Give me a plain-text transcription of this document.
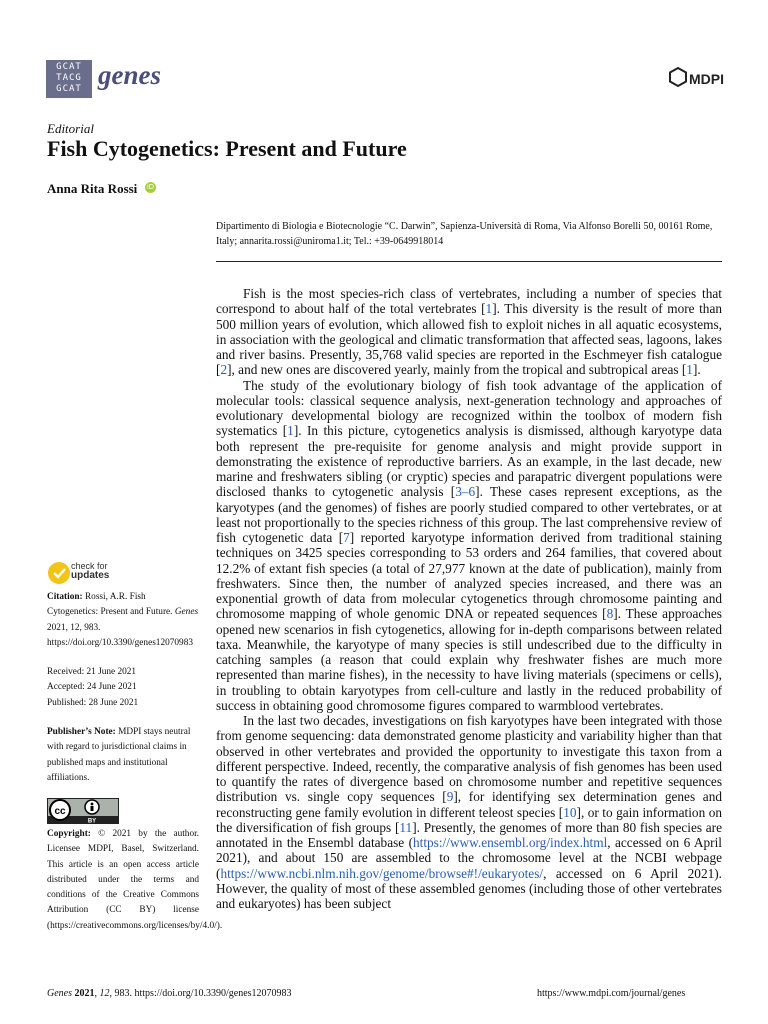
GCAT
TACG
GCAT genes	MDPI
Editorial
Fish Cytogenetics: Present and Future
Anna Rita Rossi iD
Dipartimento di Biologia e Biotecnologie “C. Darwin”, Sapienza-Università di Roma, Via Alfonso Borelli 50, 00161 Rome, Italy; annarita.rossi@uniroma1.it; Tel.: +39-0649918014

Fish is the most species-rich class of vertebrates, including a number of species that correspond to about half of the total vertebrates [1]. This diversity is the result of more than 500 million years of evolution, which allowed fish to exploit niches in all aquatic ecosystems, in association with the geological and climatic transformation that affected seas, lagoons, lakes and river basins. Presently, 35,768 valid species are reported in the Eschmeyer fish catalogue [2], and new ones are discovered yearly, mainly from the tropical and subtropical areas [1].

The study of the evolutionary biology of fish took advantage of the application of molecular tools: classical sequence analysis, next-generation technology and approaches of evolutionary developmental biology are recognized within the toolbox of modern fish systematics [1]. In this picture, cytogenetics analysis is dismissed, although karyotype data both represent the pre-requisite for genome analysis and might provide support in demonstrating the existence of reproductive barriers. As an example, in the last decade, new marine and freshwaters sibling (or cryptic) species and parapatric divergent populations were disclosed thanks to cytogenetic analysis [3–6]. These cases represent exceptions, as the karyotypes (and the genomes) of fishes are poorly studied compared to other vertebrates, or at least not proportionally to the species richness of this group. The last comprehensive review of fish cytogenetic data [7] reported karyotype information derived from traditional staining techniques on 3425 species corresponding to 53 orders and 264 families, that covered about 12.2% of extant fish species (a total of 27,977 known at the date of publication), mainly from freshwaters. Since then, the number of analyzed species increased, and there was an exponential growth of data from molecular cytogenetics through chromosome painting and chromosome mapping of whole genomic DNA or repeated sequences [8]. These approaches opened new scenarios in fish cytogenetics, allowing for in-depth comparisons between related taxa. Meanwhile, the karyotype of many species is still undescribed due to the difficulty in catching samples (a reason that could explain why freshwater fishes are much more represented than marine fishes), in the necessity to have living materials (specimens or cells), in troubling to obtain karyotypes from cell-culture and lastly in the reduced probability of success in obtaining good chromosome figures compared to warmblood vertebrates.

In the last two decades, investigations on fish karyotypes have been integrated with those from genome sequencing: data demonstrated genome plasticity and variability higher than that observed in other vertebrates and provided the opportunity to investigate this taxon from a different perspective. Indeed, recently, the comparative analysis of fish genomes has been used to quantify the rates of divergence based on chromosome number and repetitive sequences distribution vs. single copy sequences [9], for identifying sex determination genes and reconstructing gene family evolution in different teleost species [10], or to gain information on the diversification of fish groups [11]. Presently, the genomes of more than 80 fish species are annotated in the Ensembl database (https://www.ensembl.org/index.html, accessed on 6 April 2021), and about 150 are assembled to the chromosome level at the NCBI webpage (https://www.ncbi.nlm.nih.gov/genome/browse#!/eukaryotes/, accessed on 6 April 2021). However, the quality of most of these assembled genomes (including those of other vertebrates and eukaryotes) has been subject

check for
updates

Citation: Rossi, A.R. Fish Cytogenetics: Present and Future. Genes 2021, 12, 983. https://doi.org/10.3390/genes12070983

Received: 21 June 2021

Accepted: 24 June 2021

Published: 28 June 2021

Publisher’s Note: MDPI stays neutral with regard to jurisdictional claims in published maps and institutional affiliations.

cc
BY
Copyright: © 2021 by the author. Licensee MDPI, Basel, Switzerland. This article is an open access article distributed under the terms and conditions of the Creative Commons Attribution (CC BY) license (https://creativecommons.org/licenses/by/4.0/).
Genes 2021, 12, 983. https://doi.org/10.3390/genes12070983	https://www.mdpi.com/journal/genes
